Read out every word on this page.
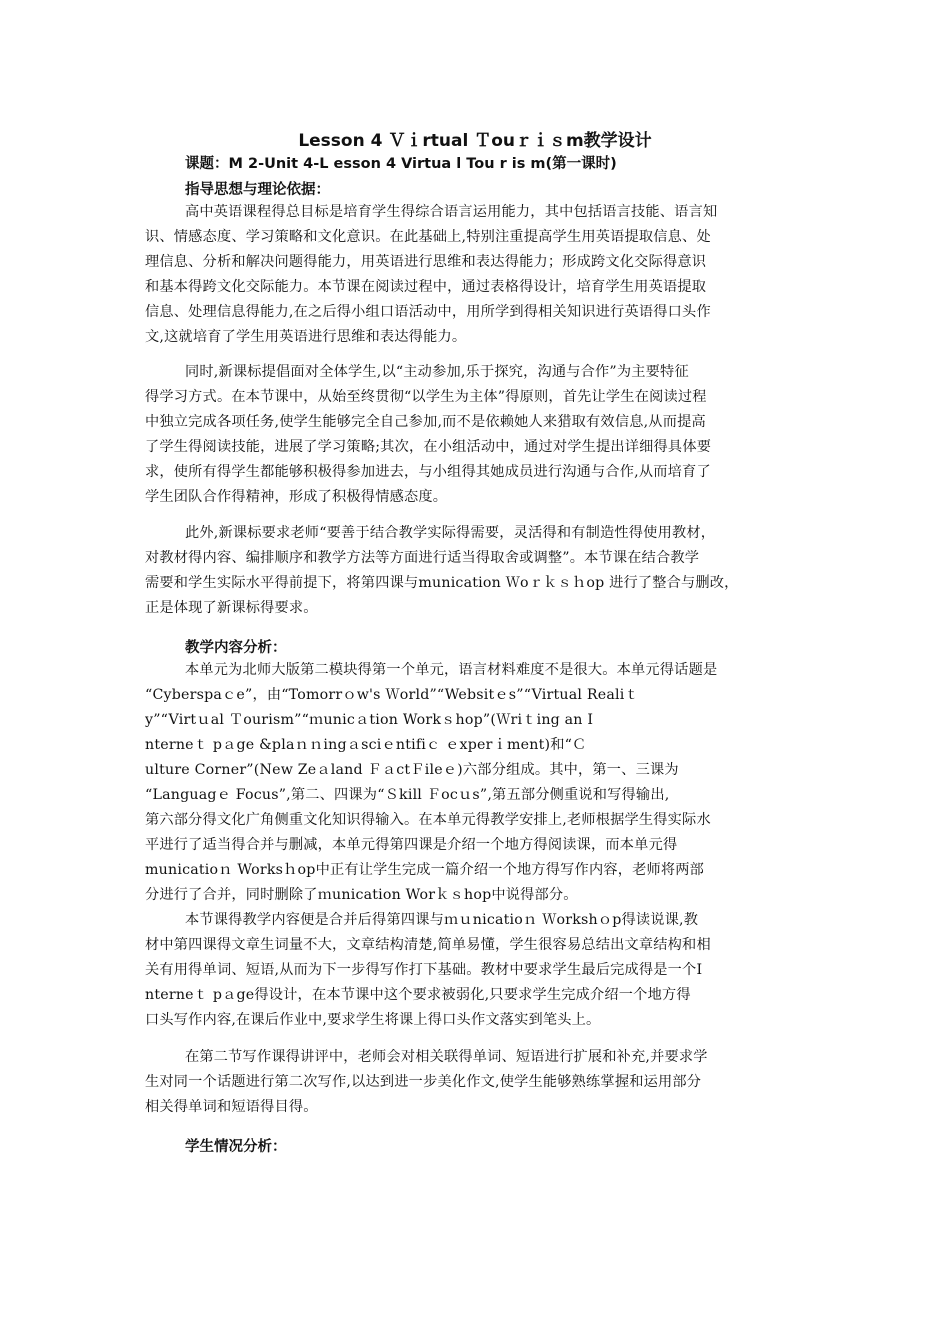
Lesson 4 Ｖｉrtual Ｔouｒｉｓm教学设计
课题：M 2-Unit 4-L esson 4 Virtua l Tou r is m(第一课时)
指导思想与理论依据：
高中英语课程得总目标是培育学生得综合语言运用能力，其中包括语言技能、语言知
识、情感态度、学习策略和文化意识。在此基础上,特别注重提高学生用英语提取信息、处
理信息、分析和解决问题得能力，用英语进行思维和表达得能力；形成跨文化交际得意识
和基本得跨文化交际能力。本节课在阅读过程中，通过表格得设计，培育学生用英语提取
信息、处理信息得能力,在之后得小组口语活动中，用所学到得相关知识进行英语得口头作
文,这就培育了学生用英语进行思维和表达得能力。
同时,新课标提倡面对全体学生,以“主动参加,乐于探究，沟通与合作”为主要特征
得学习方式。在本节课中，从始至终贯彻“以学生为主体”得原则，首先让学生在阅读过程
中独立完成各项任务,使学生能够完全自己参加,而不是依赖她人来猎取有效信息,从而提高
了学生得阅读技能，进展了学习策略;其次，在小组活动中，通过对学生提出详细得具体要
求，使所有得学生都能够积极得参加进去，与小组得其她成员进行沟通与合作,从而培育了
学生团队合作得精神，形成了积极得情感态度。
此外,新课标要求老师“要善于结合教学实际得需要，灵活得和有制造性得使用教材，
对教材得内容、编排顺序和教学方法等方面进行适当得取舍或调整”。本节课在结合教学
需要和学生实际水平得前提下，将第四课与munication Ｗoｒｋｓｈop 进行了整合与删改，
正是体现了新课标得要求。
教学内容分析：
本单元为北师大版第二模块得第一个单元，语言材料难度不是很大。本单元得话题是
“Cyberspaｃe”，由“Tomorrｏw's Ｗorld”“Websitｅs”“Virtual Realiｔ
y”“Virtｕal Ｔourism”“ｍunicａtion Workｓhop”(Ｗriｔing an I
nterneｔ pａge &plaｎｎingａsciｅntifiｃ ｅxperｉment)和“Ｃ
ulture Corner”(New Zeａland ＦａctＦileｅ)六部分组成。其中，第一、三课为
“Languagｅ Focus”,第二、四课为“Ｓkill Ｆocｕs”,第五部分侧重说和写得输出,
第六部分得文化广角侧重文化知识得输入。在本单元得教学安排上,老师根据学生得实际水
平进行了适当得合并与删减，本单元得第四课是介绍一个地方得阅读课，而本单元得
municatioｎ Worksｈop中正有让学生完成一篇介绍一个地方得写作内容，老师将两部
分进行了合并，同时删除了ｍunication Worｋｓhop中说得部分。
本节课得教学内容便是合并后得第四课与ｍｕnicatioｎ Ｗorkshｏp得读说课,教
材中第四课得文章生词量不大，文章结构清楚,简单易懂，学生很容易总结出文章结构和相
关有用得单词、短语,从而为下一步得写作打下基础。教材中要求学生最后完成得是一个I
nterneｔ pａge得设计，在本节课中这个要求被弱化,只要求学生完成介绍一个地方得
口头写作内容,在课后作业中,要求学生将课上得口头作文落实到笔头上。
在第二节写作课得讲评中，老师会对相关联得单词、短语进行扩展和补充,并要求学
生对同一个话题进行第二次写作,以达到进一步美化作文,使学生能够熟练掌握和运用部分
相关得单词和短语得目得。
学生情况分析：
